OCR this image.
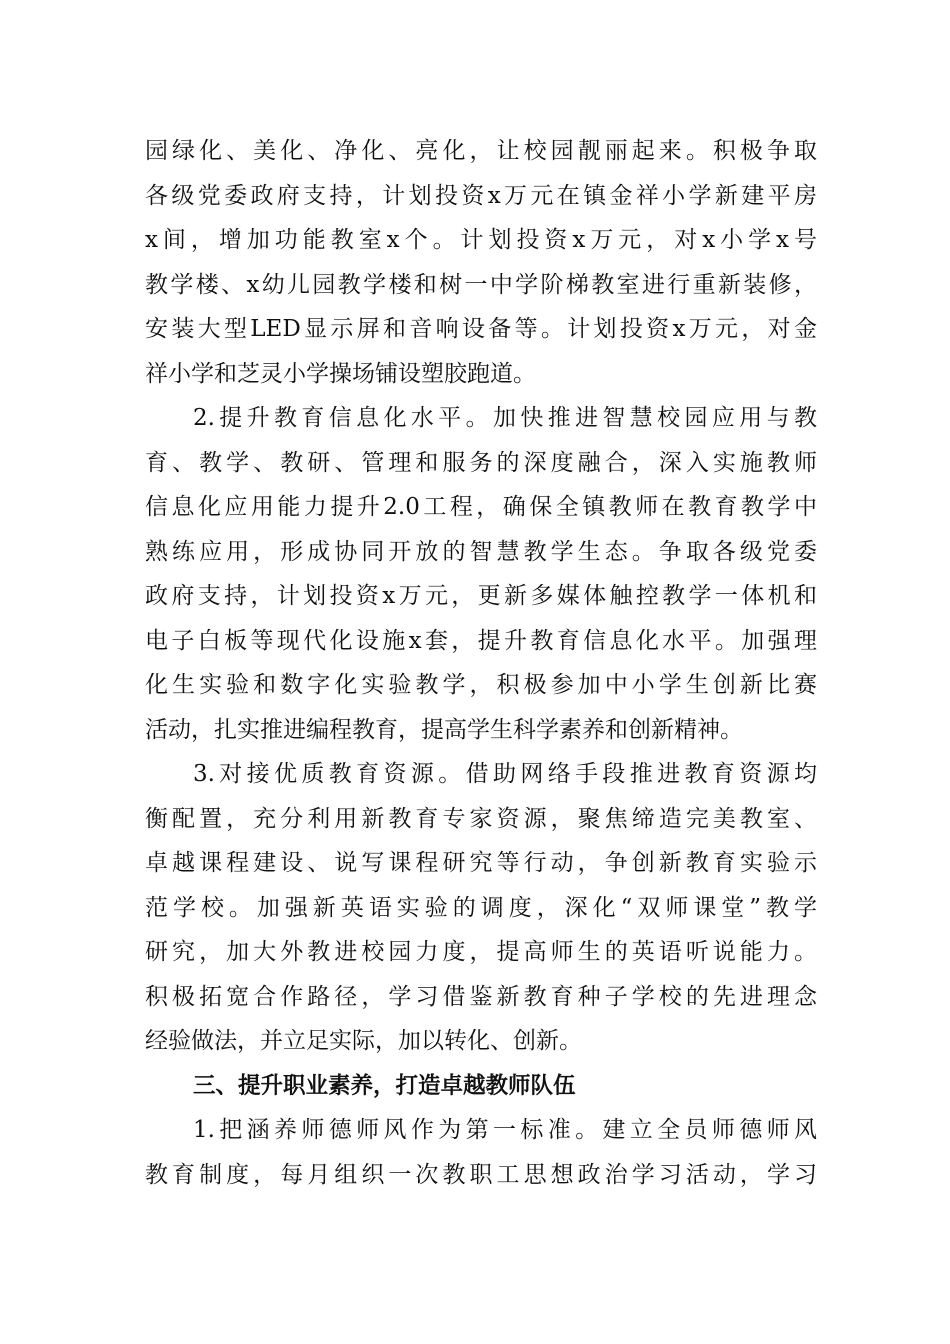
园绿化、美化、净化、亮化，让校园靓丽起来。积极争取
各级党委政府支持，计划投资x万元在镇金祥小学新建平房
x间，增加功能教室x个。计划投资x万元，对x小学x号
教学楼、x幼儿园教学楼和树一中学阶梯教室进行重新装修，
安装大型LED显示屏和音响设备等。计划投资x万元，对金
祥小学和芝灵小学操场铺设塑胶跑道。
2.提升教育信息化水平。加快推进智慧校园应用与教
育、教学、教研、管理和服务的深度融合，深入实施教师
信息化应用能力提升2.0工程，确保全镇教师在教育教学中
熟练应用，形成协同开放的智慧教学生态。争取各级党委
政府支持，计划投资x万元，更新多媒体触控教学一体机和
电子白板等现代化设施x套，提升教育信息化水平。加强理
化生实验和数字化实验教学，积极参加中小学生创新比赛
活动，扎实推进编程教育，提高学生科学素养和创新精神。
3.对接优质教育资源。借助网络手段推进教育资源均
衡配置，充分利用新教育专家资源，聚焦缔造完美教室、
卓越课程建设、说写课程研究等行动，争创新教育实验示
范学校。加强新英语实验的调度，深化“双师课堂”教学
研究，加大外教进校园力度，提高师生的英语听说能力。
积极拓宽合作路径，学习借鉴新教育种子学校的先进理念
经验做法，并立足实际，加以转化、创新。
三、提升职业素养，打造卓越教师队伍
1.把涵养师德师风作为第一标准。建立全员师德师风
教育制度，每月组织一次教职工思想政治学习活动，学习
